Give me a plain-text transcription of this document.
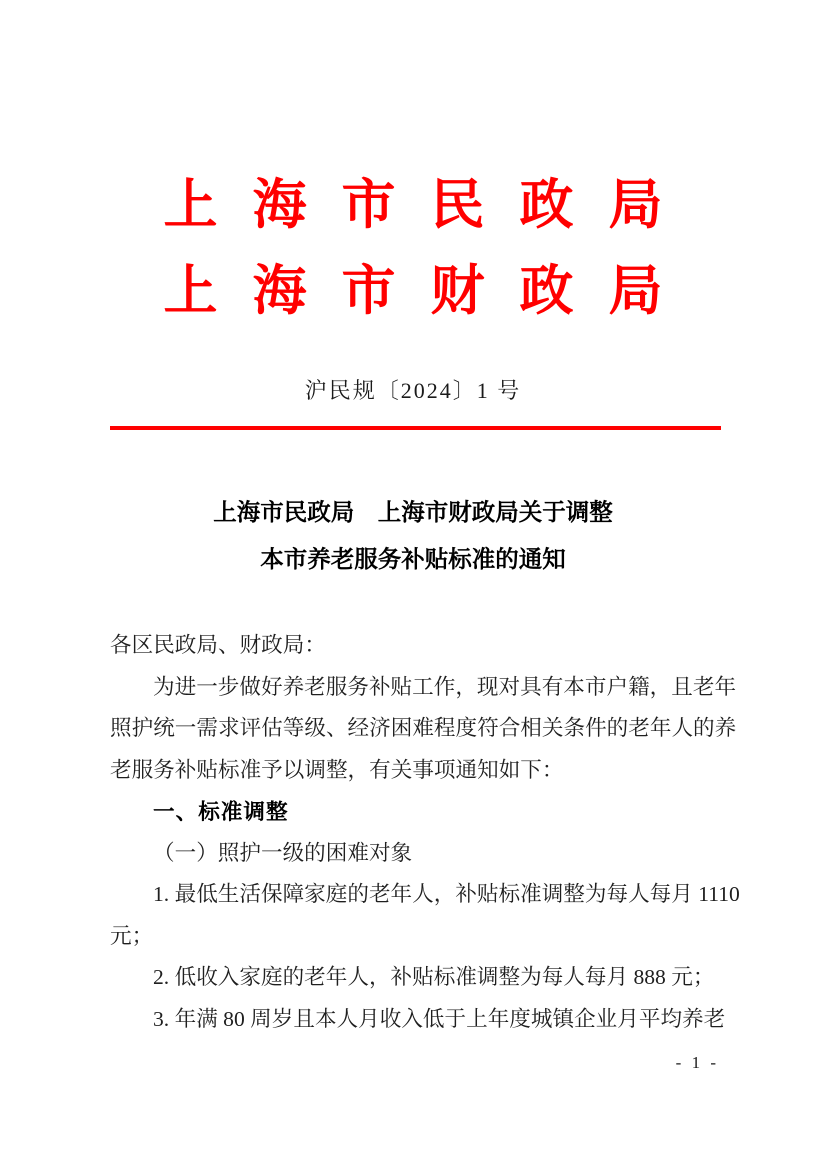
上海市民政局
上海市财政局
沪民规〔2024〕1 号
上海市民政局　上海市财政局关于调整
本市养老服务补贴标准的通知
各区民政局、财政局：
为进一步做好养老服务补贴工作，现对具有本市户籍，且老年
照护统一需求评估等级、经济困难程度符合相关条件的老年人的养
老服务补贴标准予以调整，有关事项通知如下：
一、标准调整
（一）照护一级的困难对象
1. 最低生活保障家庭的老年人，补贴标准调整为每人每月 1110
元；
2. 低收入家庭的老年人，补贴标准调整为每人每月 888 元；
3. 年满 80 周岁且本人月收入低于上年度城镇企业月平均养老
- 1 -
